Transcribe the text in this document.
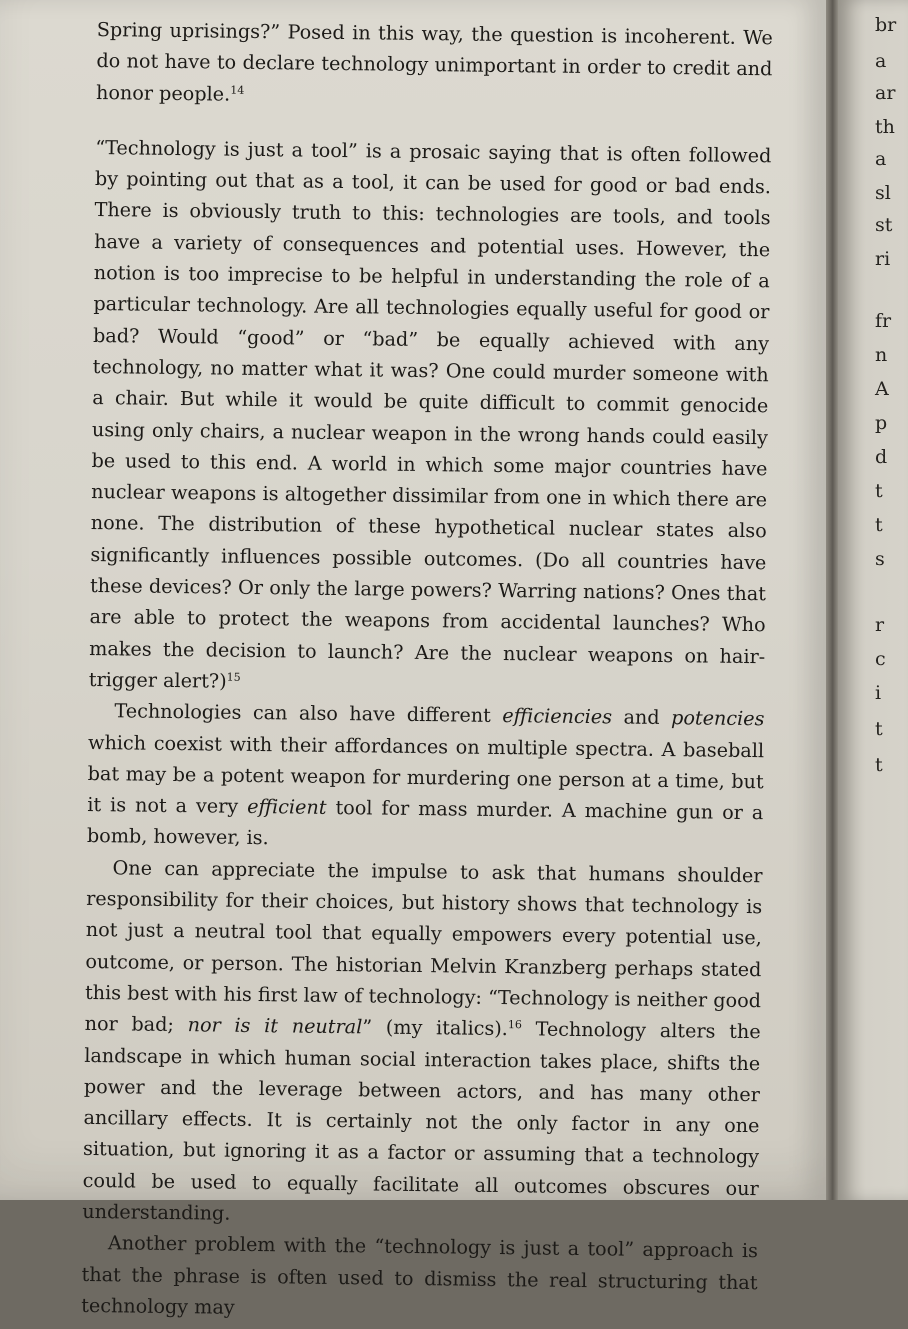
Spring uprisings?” Posed in this way, the question is incoherent. We do not have to declare technology unimportant in order to credit and honor people.$^{14}$

“Technology is just a tool” is a prosaic saying that is often followed by pointing out that as a tool, it can be used for good or bad ends. There is obviously truth to this: technologies are tools, and tools have a variety of consequences and potential uses. However, the notion is too imprecise to be helpful in understanding the role of a particular technology. Are all technologies equally useful for good or bad? Would “good” or “bad” be equally achieved with any technology, no matter what it was? One could murder someone with a chair. But while it would be quite difficult to commit genocide using only chairs, a nuclear weapon in the wrong hands could easily be used to this end. A world in which some major countries have nuclear weapons is altogether dissimilar from one in which there are none. The distribution of these hypothetical nuclear states also significantly influences possible outcomes. (Do all countries have these devices? Or only the large powers? Warring nations? Ones that are able to protect the weapons from accidental launches? Who makes the decision to launch? Are the nuclear weapons on hair-trigger alert?)$^{15}$

Technologies can also have different efficiencies and potencies which coexist with their affordances on multiple spectra. A baseball bat may be a potent weapon for murdering one person at a time, but it is not a very efficient tool for mass murder. A machine gun or a bomb, however, is.

One can appreciate the impulse to ask that humans shoulder responsibility for their choices, but history shows that technology is not just a neutral tool that equally empowers every potential use, outcome, or person. The historian Melvin Kranzberg perhaps stated this best with his first law of technology: “Technology is neither good nor bad; nor is it neutral” (my italics).$^{16}$ Technology alters the landscape in which human social interaction takes place, shifts the power and the leverage between actors, and has many other ancillary effects. It is certainly not the only factor in any one situation, but ignoring it as a factor or assuming that a technology could be used to equally facilitate all outcomes obscures our understanding.

Another problem with the “technology is just a tool” approach is that the phrase is often used to dismiss the real structuring that technology may

br
a
ar
th
a
sl
st
ri
fr
n
A
p
d
t
t
s
r
c
i
t
t
